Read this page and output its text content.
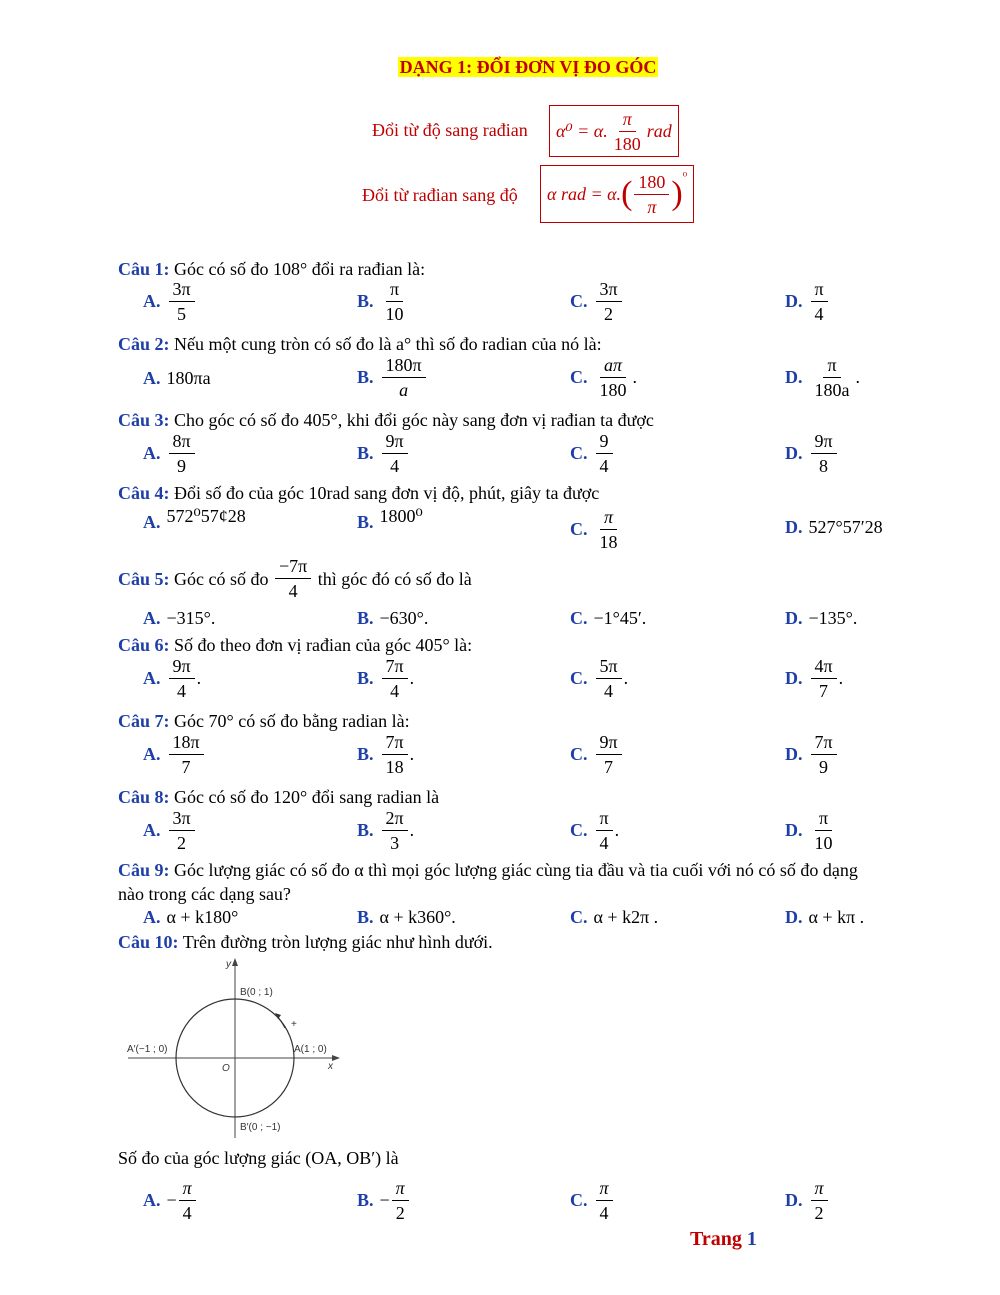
DẠNG 1: ĐỔI ĐƠN VỊ ĐO GÓC
Đổi từ độ sang rađian α⁰ = α. $\frac{\pi}{180}$ rad
Đổi từ rađian sang độ α rad = α. ( $\frac{180}{\pi}$ ) ⁰
Câu 1: Góc có số đo 108° đổi ra rađian là:
A. $\frac{3\pi}{5}$	B. $\frac{\pi}{10}$	C. $\frac{3\pi}{2}$	D. $\frac{\pi}{4}$
Câu 2: Nếu một cung tròn có số đo là a° thì số đo radian của nó là:
A. 180πa	B. $\frac{180\pi}{a}$	C. $\frac{a\pi}{180}$ .	D. $\frac{\pi}{180a}$ .
Câu 3: Cho góc có số đo 405°, khi đổi góc này sang đơn vị rađian ta được
A. $\frac{8\pi}{9}$	B. $\frac{9\pi}{4}$	C. $\frac{9}{4}$	D. $\frac{9\pi}{8}$
Câu 4: Đổi số đo của góc 10rad sang đơn vị độ, phút, giây ta được
A. 572⁰57¢28	B. 1800⁰
C. $\frac{\pi}{18}$	D. 527°57′28
Câu 5:
Góc có số đo
$\frac{-7\pi}{4}$
thì góc đó có số đo là
A. −315°.	B. −630°.	C. −1°45′.	D. −135°.
Câu 6: Số đo theo đơn vị rađian của góc 405° là:
A. $\frac{9\pi}{4}$ .	B. $\frac{7\pi}{4}$ .	C. $\frac{5\pi}{4}$ .	D. $\frac{4\pi}{7}$ .
Câu 7: Góc 70° có số đo bằng radian là:
A. $\frac{18\pi}{7}$	B. $\frac{7\pi}{18}$ .	C. $\frac{9\pi}{7}$	D. $\frac{7\pi}{9}$
Câu 8: Góc có số đo 120° đổi sang radian là
A. $\frac{3\pi}{2}$	B. $\frac{2\pi}{3}$ .	C. $\frac{\pi}{4}$ .	D. $\frac{\pi}{10}$
Câu 9: Góc lượng giác có số đo α thì mọi góc lượng giác cùng tia đầu và tia cuối với nó có số đo dạng
nào trong các dạng sau?
A. α + k180°	B. α + k360°.	C. α + k2π .	D. α + kπ .
Câu 10: Trên đường tròn lượng giác như hình dưới.
y
x
O
+
B(0 ; 1)
A′(−1 ; 0)	A(1 ; 0)
B′(0 ; −1)
Số đo của góc lượng giác (OA, OB′) là
A. − $\frac{\pi}{4}$	B. − $\frac{\pi}{2}$	C. $\frac{\pi}{4}$	D. $\frac{\pi}{2}$
Trang 1
